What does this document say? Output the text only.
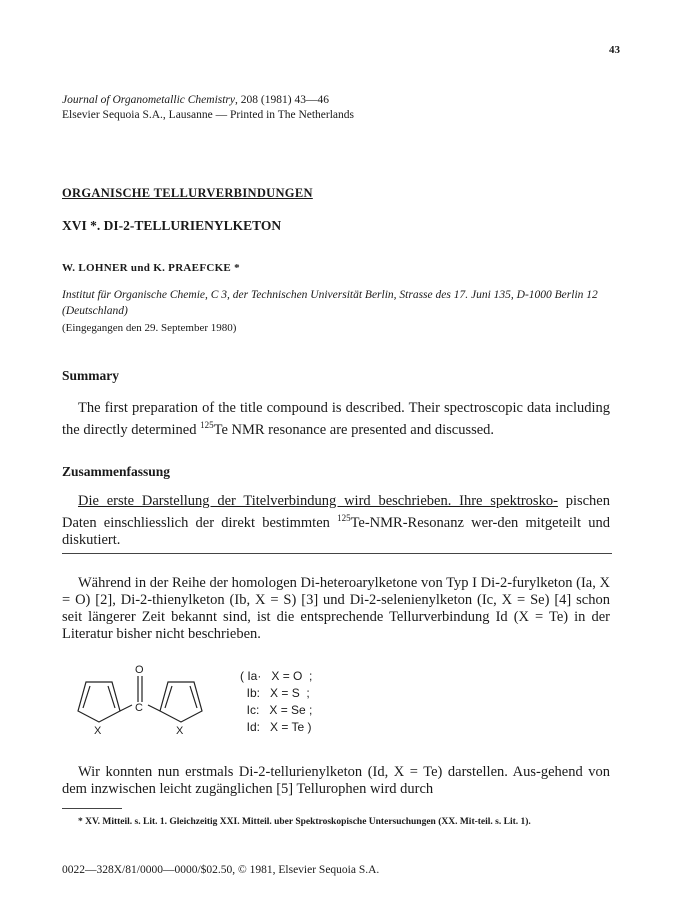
43
Journal of Organometallic Chemistry, 208 (1981) 43—46
Elsevier Sequoia S.A., Lausanne — Printed in The Netherlands
ORGANISCHE TELLURVERBINDUNGEN
XVI *. DI-2-TELLURIENYLKETON
W. LOHNER und K. PRAEFCKE *
Institut für Organische Chemie, C 3, der Technischen Universität Berlin, Strasse des 17. Juni 135, D-1000 Berlin 12 (Deutschland)
(Eingegangen den 29. September 1980)
Summary
The first preparation of the title compound is described. Their spectroscopic data including the directly determined $^{125}$Te NMR resonance are presented and discussed.
Zusammenfassung
Die erste Darstellung der Titelverbindung wird beschrieben. Ihre spektrosko- pischen Daten einschliesslich der direkt bestimmten $^{125}$Te-NMR-Resonanz wer-den mitgeteilt und diskutiert.
Während in der Reihe der homologen Di-heteroarylketone von Typ I Di-2-furylketon (Ia, X = O) [2], Di-2-thienylketon (Ib, X = S) [3] und Di-2-selenienylketon (Ic, X = Se) [4] schon seit längerer Zeit bekannt sind, ist die entsprechende Tellurverbindung Id (X = Te) in der Literatur bisher nicht beschrieben.
O
C
X	X
( Ia· X = O  ;
Ib: X = S  ;
Ic: X = Se ;
Id: X = Te )
Wir konnten nun erstmals Di-2-tellurienylketon (Id, X = Te) darstellen. Aus-gehend von dem inzwischen leicht zugänglichen [5] Tellurophen wird durch
* XV. Mitteil. s. Lit. 1. Gleichzeitig XXI. Mitteil. uber Spektroskopische Untersuchungen (XX. Mit-teil. s. Lit. 1).
0022—328X/81/0000—0000/$02.50, © 1981, Elsevier Sequoia S.A.
